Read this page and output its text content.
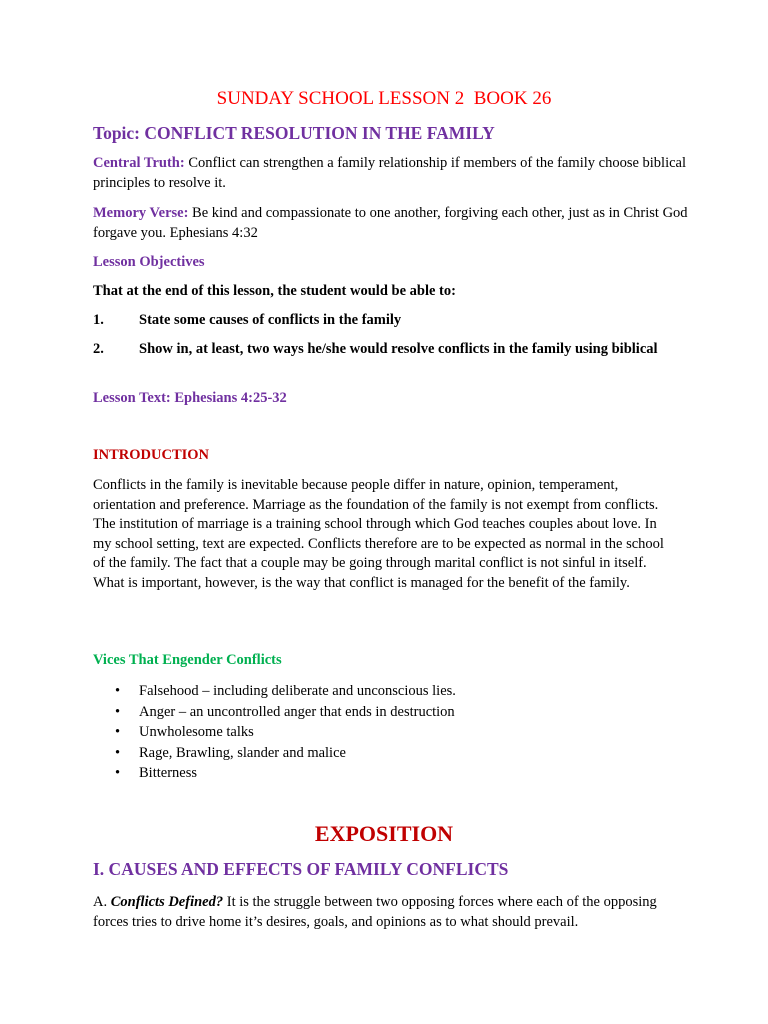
SUNDAY SCHOOL LESSON 2  BOOK 26
Topic: CONFLICT RESOLUTION IN THE FAMILY

Central Truth: Conflict can strengthen a family relationship if members of the family choose biblical principles to resolve it.

Memory Verse: Be kind and compassionate to one another, forgiving each other, just as in Christ God forgave you. Ephesians 4:32

Lesson Objectives

That at the end of this lesson, the student would be able to:

1. State some causes of conflicts in the family

2. Show in, at least, two ways he/she would resolve conflicts in the family using biblical

Lesson Text: Ephesians 4:25-32

INTRODUCTION

Conflicts in the family is inevitable because people differ in nature, opinion, temperament, orientation and preference. Marriage as the foundation of the family is not exempt from conflicts. The institution of marriage is a training school through which God teaches couples about love. In my school setting, text are expected. Conflicts therefore are to be expected as normal in the school of the family. The fact that a couple may be going through marital conflict is not sinful in itself. What is important, however, is the way that conflict is managed for the benefit of the family.

Vices That Engender Conflicts

• Falsehood – including deliberate and unconscious lies.
• Anger – an uncontrolled anger that ends in destruction
• Unwholesome talks
• Rage, Brawling, slander and malice
• Bitterness

EXPOSITION

I. CAUSES AND EFFECTS OF FAMILY CONFLICTS

A. Conflicts Defined? It is the struggle between two opposing forces where each of the opposing forces tries to drive home it’s desires, goals, and opinions as to what should prevail.
